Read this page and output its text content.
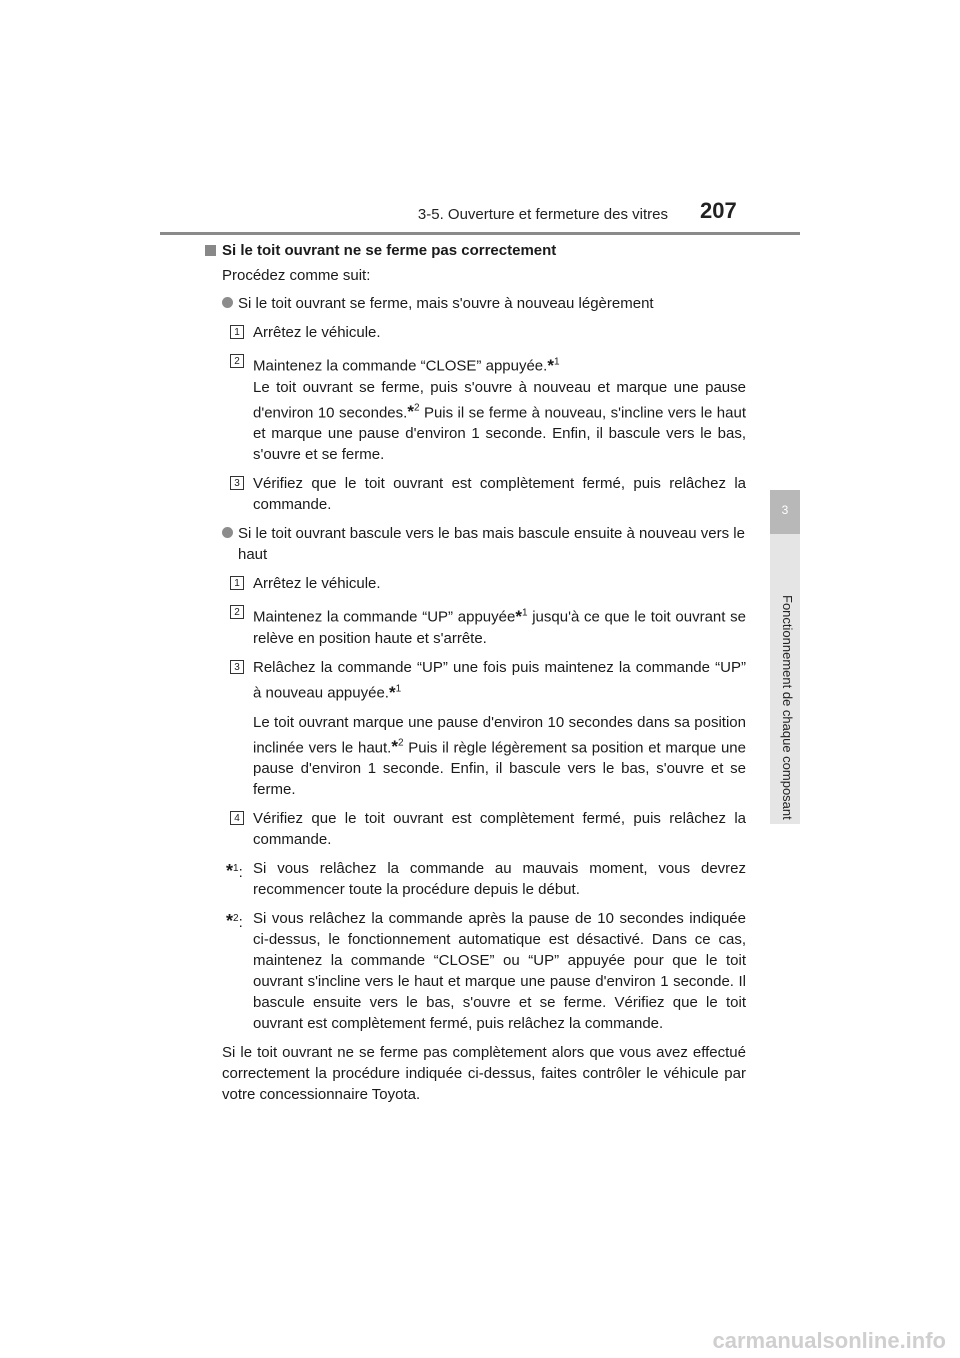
3-5. Ouverture et fermeture des vitres 207
3
Fonctionnement de chaque composant
Si le toit ouvrant ne se ferme pas correctement
Procédez comme suit:
Si le toit ouvrant se ferme, mais s'ouvre à nouveau légèrement
1 Arrêtez le véhicule.
2 Maintenez la commande “CLOSE” appuyée.*$^1$
Le toit ouvrant se ferme, puis s'ouvre à nouveau et marque une pause d'environ 10 secondes.*$^2$ Puis il se ferme à nouveau, s'incline vers le haut et marque une pause d'environ 1 seconde. Enfin, il bascule vers le bas, s'ouvre et se ferme.
3 Vérifiez que le toit ouvrant est complètement fermé, puis relâchez la commande.
Si le toit ouvrant bascule vers le bas mais bascule ensuite à nouveau vers le haut
1 Arrêtez le véhicule.
2 Maintenez la commande “UP” appuyée*$^1$ jusqu'à ce que le toit ouvrant se relève en position haute et s'arrête.
3 Relâchez la commande “UP” une fois puis maintenez la commande “UP” à nouveau appuyée.*$^1$
Le toit ouvrant marque une pause d'environ 10 secondes dans sa position inclinée vers le haut.*$^2$ Puis il règle légèrement sa position et marque une pause d'environ 1 seconde. Enfin, il bascule vers le bas, s'ouvre et se ferme.
4 Vérifiez que le toit ouvrant est complètement fermé, puis relâchez la commande.
*$^1$: Si vous relâchez la commande au mauvais moment, vous devrez recommencer toute la procédure depuis le début.
*$^2$: Si vous relâchez la commande après la pause de 10 secondes indiquée ci-dessus, le fonctionnement automatique est désactivé. Dans ce cas, maintenez la commande “CLOSE” ou “UP” appuyée pour que le toit ouvrant s'incline vers le haut et marque une pause d'environ 1 seconde. Il bascule ensuite vers le bas, s'ouvre et se ferme. Vérifiez que le toit ouvrant est complètement fermé, puis relâchez la commande.
Si le toit ouvrant ne se ferme pas complètement alors que vous avez effectué correctement la procédure indiquée ci-dessus, faites contrôler le véhicule par votre concessionnaire Toyota.
carmanualsonline.info
